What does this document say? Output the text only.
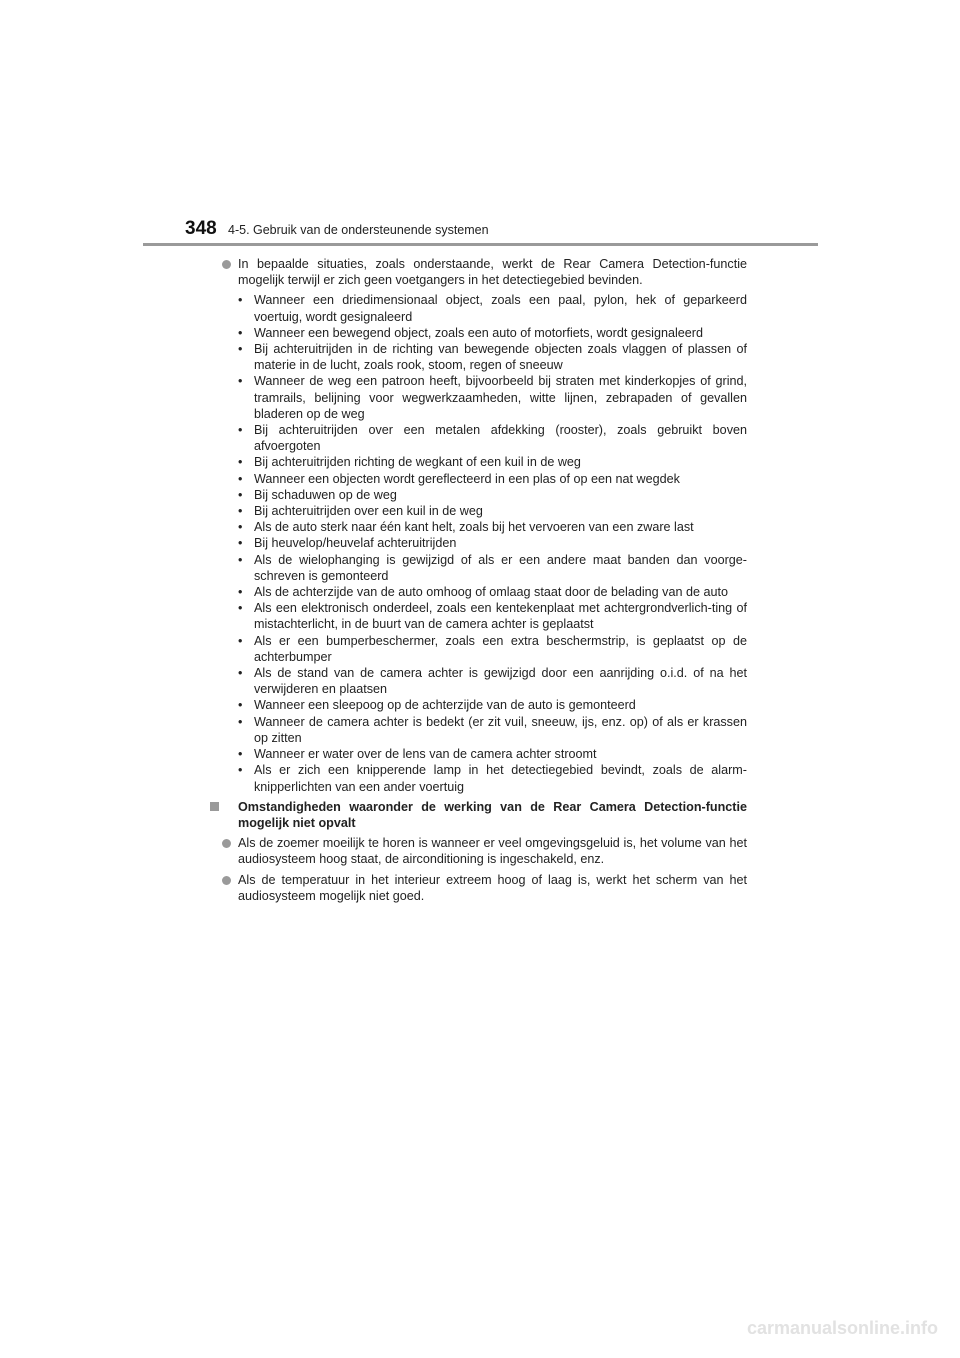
348 4-5. Gebruik van de ondersteunende systemen

In bepaalde situaties, zoals onderstaande, werkt de Rear Camera Detection-functie mogelijk terwijl er zich geen voetgangers in het detectiegebied bevinden.

• Wanneer een driedimensionaal object, zoals een paal, pylon, hek of geparkeerd voertuig, wordt gesignaleerd
• Wanneer een bewegend object, zoals een auto of motorfiets, wordt gesignaleerd
• Bij achteruitrijden in de richting van bewegende objecten zoals vlaggen of plassen of materie in de lucht, zoals rook, stoom, regen of sneeuw
• Wanneer de weg een patroon heeft, bijvoorbeeld bij straten met kinderkopjes of grind, tramrails, belijning voor wegwerkzaamheden, witte lijnen, zebrapaden of gevallen bladeren op de weg
• Bij achteruitrijden over een metalen afdekking (rooster), zoals gebruikt boven afvoergoten
• Bij achteruitrijden richting de wegkant of een kuil in de weg
• Wanneer een objecten wordt gereflecteerd in een plas of op een nat wegdek
• Bij schaduwen op de weg
• Bij achteruitrijden over een kuil in de weg
• Als de auto sterk naar één kant helt, zoals bij het vervoeren van een zware last
• Bij heuvelop/heuvelaf achteruitrijden
• Als de wielophanging is gewijzigd of als er een andere maat banden dan voorge-schreven is gemonteerd
• Als de achterzijde van de auto omhoog of omlaag staat door de belading van de auto
• Als een elektronisch onderdeel, zoals een kentekenplaat met achtergrondverlich-ting of mistachterlicht, in de buurt van de camera achter is geplaatst
• Als er een bumperbeschermer, zoals een extra beschermstrip, is geplaatst op de achterbumper
• Als de stand van de camera achter is gewijzigd door een aanrijding o.i.d. of na het verwijderen en plaatsen
• Wanneer een sleepoog op de achterzijde van de auto is gemonteerd
• Wanneer de camera achter is bedekt (er zit vuil, sneeuw, ijs, enz. op) of als er krassen op zitten
• Wanneer er water over de lens van de camera achter stroomt
• Als er zich een knipperende lamp in het detectiegebied bevindt, zoals de alarm-knipperlichten van een ander voertuig

Omstandigheden waaronder de werking van de Rear Camera Detection-functie mogelijk niet opvalt

Als de zoemer moeilijk te horen is wanneer er veel omgevingsgeluid is, het volume van het audiosysteem hoog staat, de airconditioning is ingeschakeld, enz.

Als de temperatuur in het interieur extreem hoog of laag is, werkt het scherm van het audiosysteem mogelijk niet goed.

carmanualsonline.info
